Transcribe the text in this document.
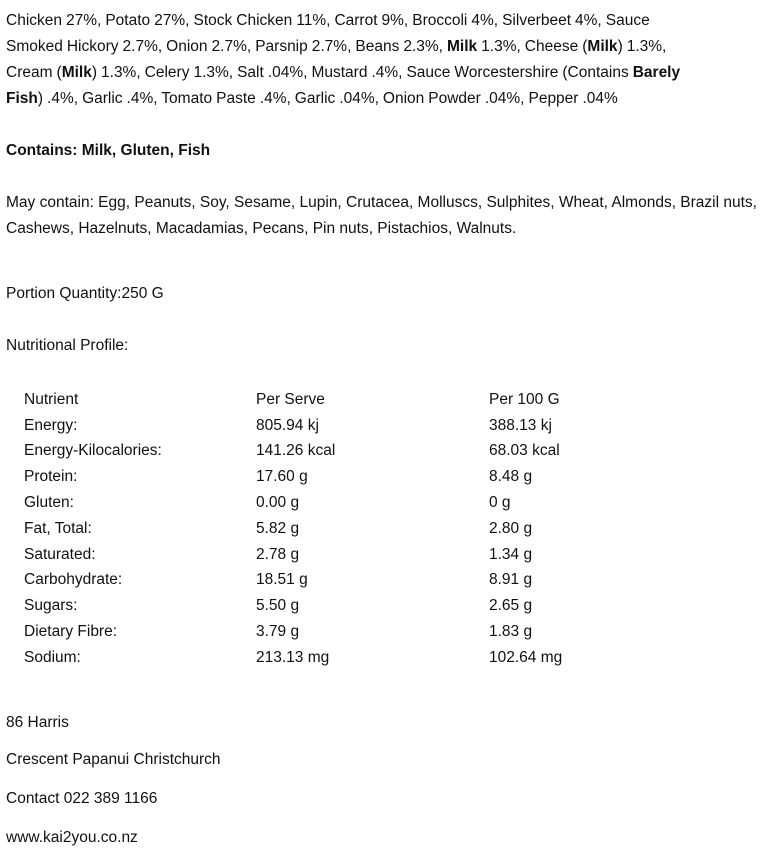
Chicken 27%, Potato 27%, Stock Chicken 11%, Carrot 9%, Broccoli 4%, Silverbeet 4%, Sauce
Smoked Hickory 2.7%, Onion 2.7%, Parsnip 2.7%, Beans 2.3%, Milk 1.3%, Cheese (Milk) 1.3%,
Cream (Milk) 1.3%, Celery 1.3%, Salt .04%, Mustard .4%, Sauce Worcestershire (Contains Barely
Fish) .4%, Garlic .4%, Tomato Paste .4%, Garlic .04%, Onion Powder .04%, Pepper .04%

Contains: Milk, Gluten, Fish

May contain: Egg, Peanuts, Soy, Sesame, Lupin, Crutacea, Molluscs, Sulphites, Wheat, Almonds, Brazil nuts, Cashews, Hazelnuts, Macadamias, Pecans, Pin nuts, Pistachios, Walnuts.

Portion Quantity:250 G

Nutritional Profile:

Nutrient	Per Serve	Per 100 G
Energy:	805.94 kj	388.13 kj
Energy-Kilocalories:	141.26 kcal	68.03 kcal
Protein:	17.60 g	8.48 g
Gluten:	0.00 g	0 g
Fat, Total:	5.82 g	2.80 g
Saturated:	2.78 g	1.34 g
Carbohydrate:	18.51 g	8.91 g
Sugars:	5.50 g	2.65 g
Dietary Fibre:	3.79 g	1.83 g
Sodium:	213.13 mg	102.64 mg

86 Harris

Crescent Papanui Christchurch

Contact 022 389 1166

www.kai2you.co.nz
